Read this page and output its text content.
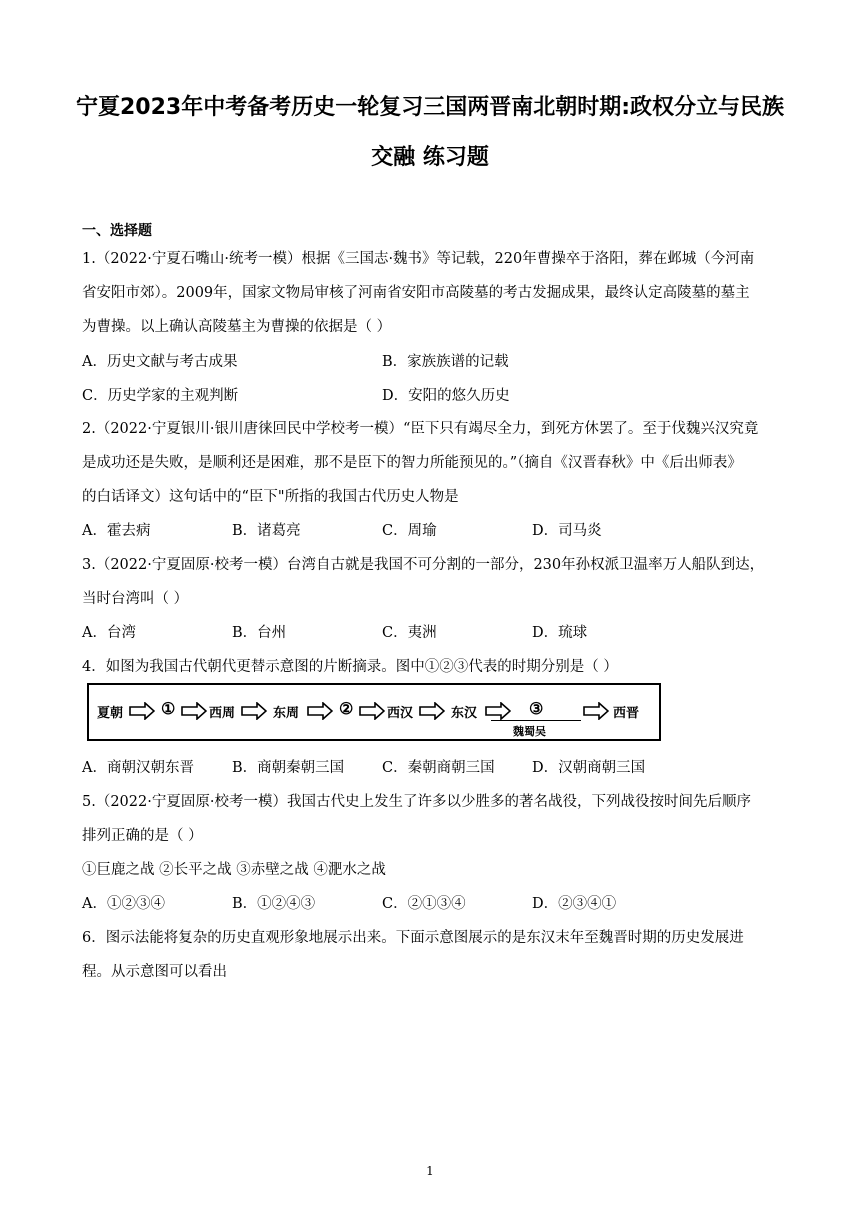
宁夏2023年中考备考历史一轮复习三国两晋南北朝时期:政权分立与民族
交融 练习题
一、选择题
1.（2022·宁夏石嘴山·统考一模）根据《三国志·魏书》等记载，220年曹操卒于洛阳，葬在邺城（今河南
省安阳市郊）。2009年，国家文物局审核了河南省安阳市高陵墓的考古发掘成果，最终认定高陵墓的墓主
为曹操。以上确认高陵墓主为曹操的依据是（ ）
A．历史文献与考古成果	B．家族族谱的记载
C．历史学家的主观判断	D．安阳的悠久历史
2.（2022·宁夏银川·银川唐徕回民中学校考一模）“臣下只有竭尽全力，到死方休罢了。至于伐魏兴汉究竟
是成功还是失败，是顺利还是困难，那不是臣下的智力所能预见的。”（摘自《汉晋春秋》中《后出师表》
的白话译文）这句话中的“臣下"所指的我国古代历史人物是
A．霍去病	B．诸葛亮	C．周瑜	D．司马炎
3.（2022·宁夏固原·校考一模）台湾自古就是我国不可分割的一部分，230年孙权派卫温率万人船队到达，
当时台湾叫（ ）
A．台湾	B．台州	C．夷洲	D．琉球
4．如图为我国古代朝代更替示意图的片断摘录。图中①②③代表的时期分别是（ ）
夏朝 ①	西周	东周 ②	西汉	东汉	③
魏蜀吴
西晋
A．商朝汉朝东晋	B．商朝秦朝三国	C．秦朝商朝三国	D．汉朝商朝三国
5.（2022·宁夏固原·校考一模）我国古代史上发生了许多以少胜多的著名战役，下列战役按时间先后顺序
排列正确的是（ ）
①巨鹿之战 ②长平之战 ③赤壁之战 ④淝水之战
A．①②③④	B．①②④③	C．②①③④	D．②③④①
6．图示法能将复杂的历史直观形象地展示出来。下面示意图展示的是东汉末年至魏晋时期的历史发展进
程。从示意图可以看出
1
